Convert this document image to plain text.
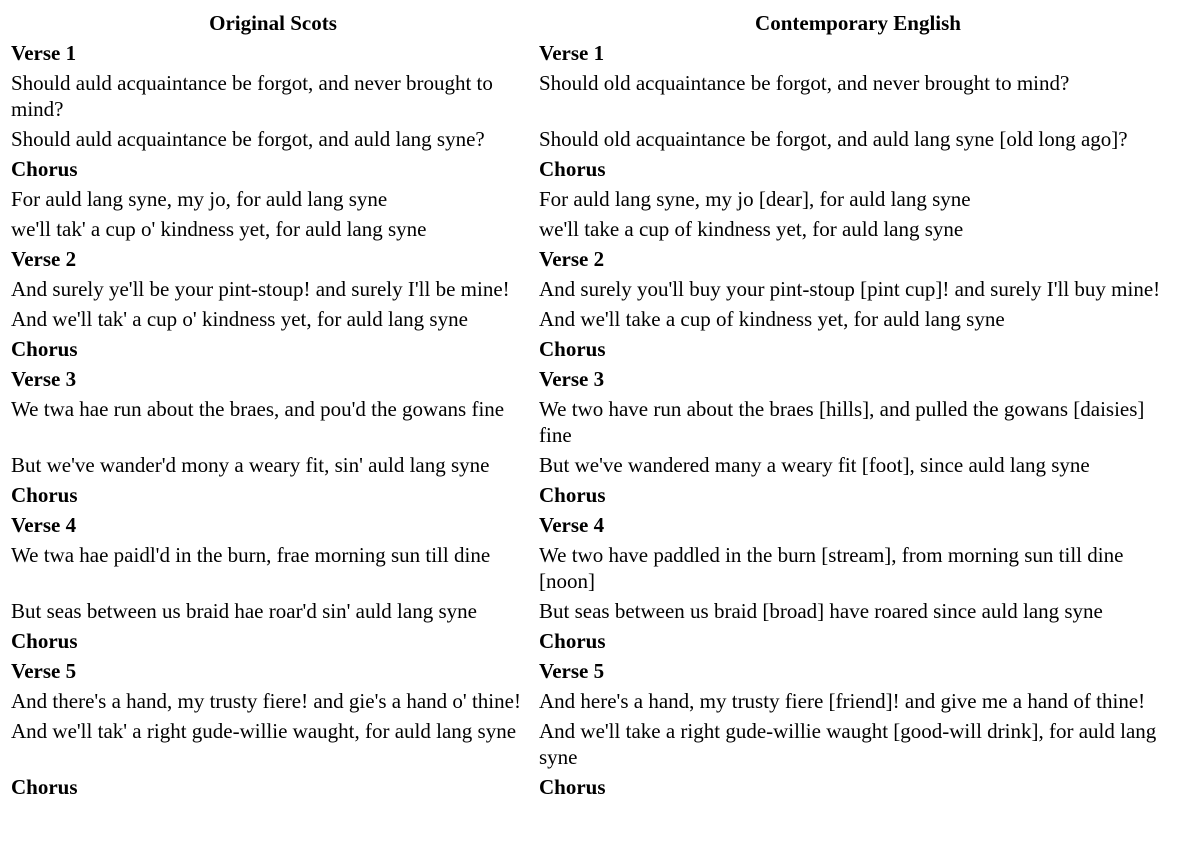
Original Scots	Contemporary English
Verse 1	Verse 1
Should auld acquaintance be forgot, and never brought to mind?	Should old acquaintance be forgot, and never brought to mind?
Should auld acquaintance be forgot, and auld lang syne?	Should old acquaintance be forgot, and auld lang syne [old long ago]?
Chorus	Chorus
For auld lang syne, my jo, for auld lang syne	For auld lang syne, my jo [dear], for auld lang syne
we'll tak' a cup o' kindness yet, for auld lang syne	we'll take a cup of kindness yet, for auld lang syne
Verse 2	Verse 2
And surely ye'll be your pint-stoup! and surely I'll be mine!	And surely you'll buy your pint-stoup [pint cup]! and surely I'll buy mine!
And we'll tak' a cup o' kindness yet, for auld lang syne	And we'll take a cup of kindness yet, for auld lang syne
Chorus	Chorus
Verse 3	Verse 3
We twa hae run about the braes, and pou'd the gowans fine	We two have run about the braes [hills], and pulled the gowans [daisies] fine
But we've wander'd mony a weary fit, sin' auld lang syne	But we've wandered many a weary fit [foot], since auld lang syne
Chorus	Chorus
Verse 4	Verse 4
We twa hae paidl'd in the burn, frae morning sun till dine	We two have paddled in the burn [stream], from morning sun till dine [noon]
But seas between us braid hae roar'd sin' auld lang syne	But seas between us braid [broad] have roared since auld lang syne
Chorus	Chorus
Verse 5	Verse 5
And there's a hand, my trusty fiere! and gie's a hand o' thine!	And here's a hand, my trusty fiere [friend]! and give me a hand of thine!
And we'll tak' a right gude-willie waught, for auld lang syne	And we'll take a right gude-willie waught [good-will drink], for auld lang syne
Chorus	Chorus
